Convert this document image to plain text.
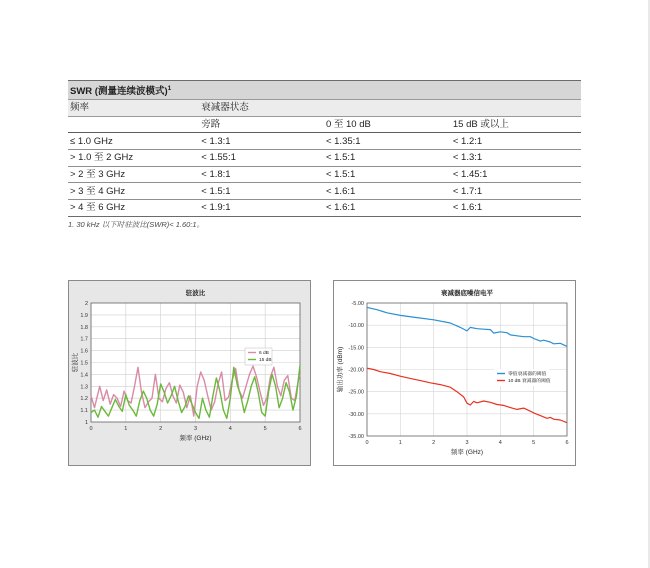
SWR (测量连续波模式)$^1$
频率	衰减器状态		
	旁路	0 至 10 dB	15 dB 或以上
≤ 1.0 GHz	< 1.3:1	< 1.35:1	< 1.2:1
> 1.0 至 2 GHz	< 1.55:1	< 1.5:1	< 1.3:1
> 2 至 3 GHz	< 1.8:1	< 1.5:1	< 1.45:1
> 3 至 4 GHz	< 1.5:1	< 1.6:1	< 1.7:1
> 4 至 6 GHz	< 1.9:1	< 1.6:1	< 1.6:1
1. 30 kHz 以下时驻波比(SWR)< 1.60:1。
0	1	2	3	4	5	6
1
1.1
1.2
1.3
1.4
1.5
1.6
1.7
1.8
1.9
2
驻波比
频率 (GHz)
驻波比	6 dB
15 dB
0	1	2	3	4	5	6
-5.00
-10.00
-15.00
-20.00
-25.00
-30.00
-35.00
衰减器底噪信电平
频率 (GHz)
输出功率 (dBm)	零值衰减器的阈值
10 dB 衰减器的阈值
